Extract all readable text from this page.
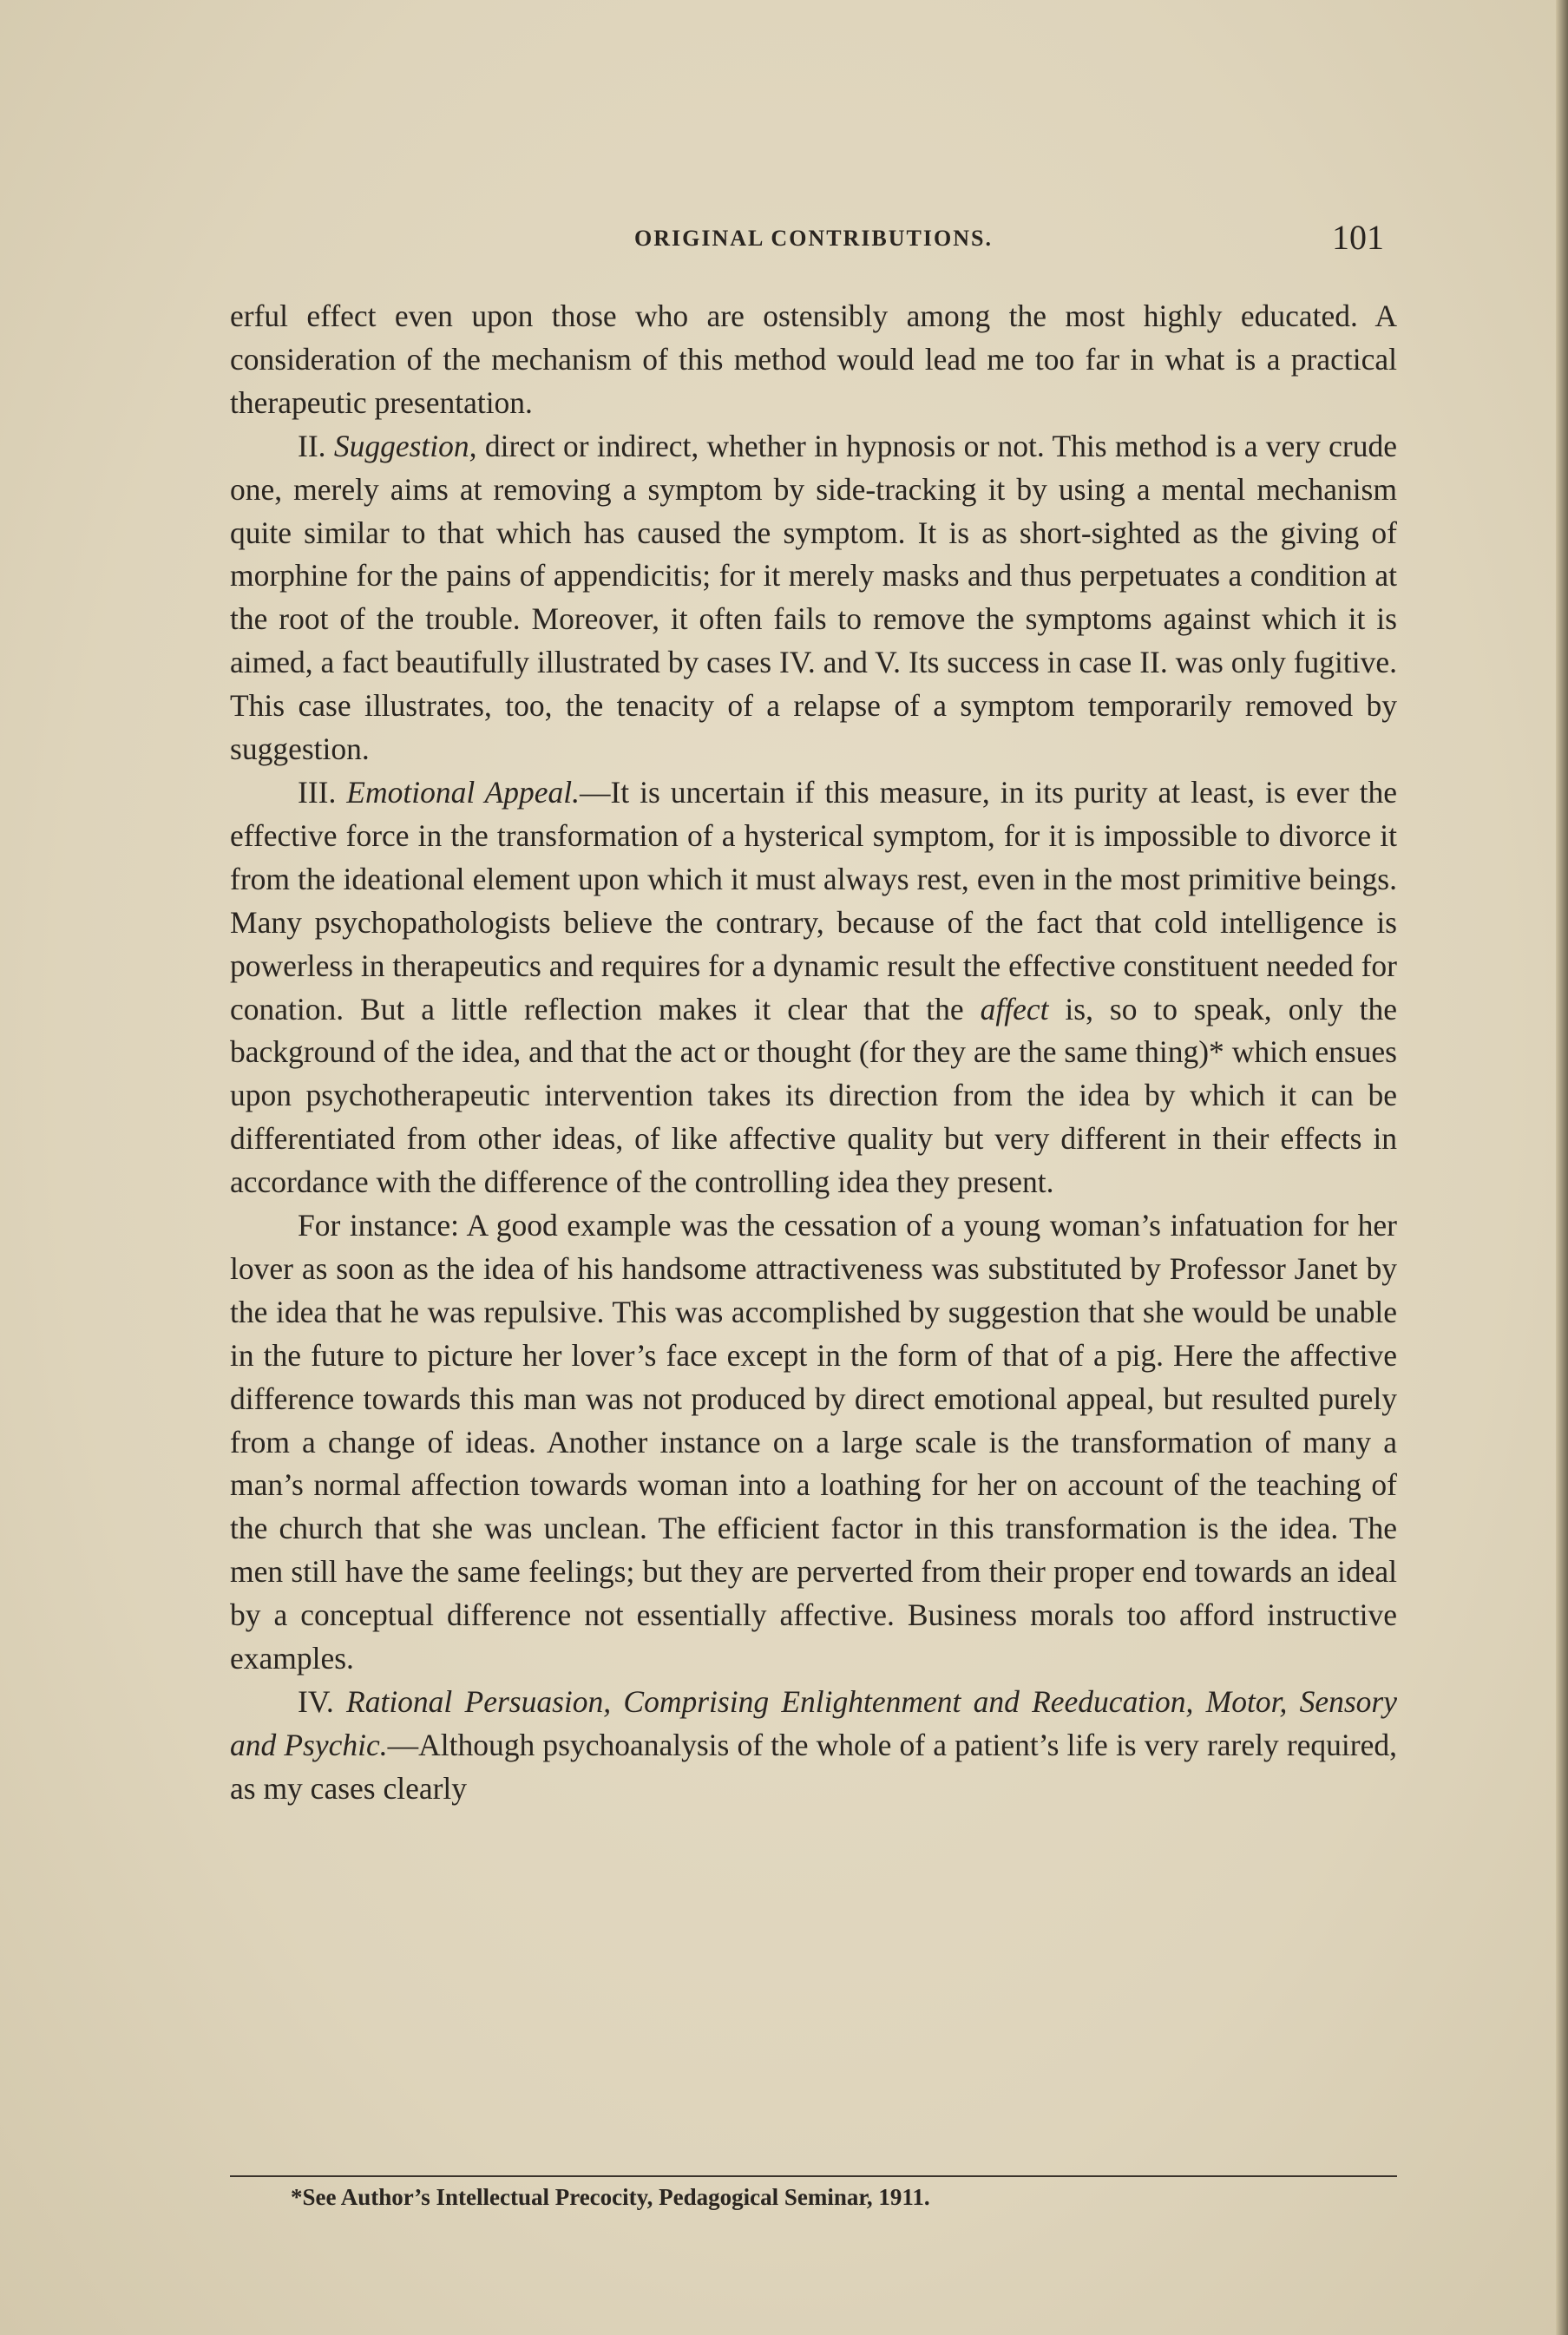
ORIGINAL CONTRIBUTIONS.	101

erful effect even upon those who are ostensibly among the most highly educated. A consideration of the mechanism of this method would lead me too far in what is a practical therapeutic presentation.

II. Suggestion, direct or indirect, whether in hypnosis or not. This method is a very crude one, merely aims at removing a symptom by side-tracking it by using a mental mechanism quite similar to that which has caused the symptom. It is as short-sighted as the giving of morphine for the pains of appendicitis; for it merely masks and thus perpetuates a condition at the root of the trouble. Moreover, it often fails to remove the symptoms against which it is aimed, a fact beautifully illustrated by cases IV. and V. Its success in case II. was only fugitive. This case illustrates, too, the tenacity of a relapse of a symptom temporarily removed by suggestion.

III. Emotional Appeal.—It is uncertain if this measure, in its purity at least, is ever the effective force in the transformation of a hysterical symptom, for it is impossible to divorce it from the ideational element upon which it must always rest, even in the most primitive beings. Many psychopathologists believe the contrary, because of the fact that cold intelligence is powerless in therapeutics and requires for a dynamic result the effective constituent needed for conation. But a little reflection makes it clear that the affect is, so to speak, only the background of the idea, and that the act or thought (for they are the same thing)* which ensues upon psychotherapeutic intervention takes its direction from the idea by which it can be differentiated from other ideas, of like affective quality but very different in their effects in accordance with the difference of the controlling idea they present.

For instance: A good example was the cessation of a young woman’s infatuation for her lover as soon as the idea of his handsome attractiveness was substituted by Professor Janet by the idea that he was repulsive. This was accomplished by suggestion that she would be unable in the future to picture her lover’s face except in the form of that of a pig. Here the affective difference towards this man was not produced by direct emotional appeal, but resulted purely from a change of ideas. Another instance on a large scale is the transformation of many a man’s normal affection towards woman into a loathing for her on account of the teaching of the church that she was unclean. The efficient factor in this transformation is the idea. The men still have the same feelings; but they are perverted from their proper end towards an ideal by a conceptual difference not essentially affective. Business morals too afford instructive examples.

IV. Rational Persuasion, Comprising Enlightenment and Reeducation, Motor, Sensory and Psychic.—Although psychoanalysis of the whole of a patient’s life is very rarely required, as my cases clearly

*See Author’s Intellectual Precocity, Pedagogical Seminar, 1911.
